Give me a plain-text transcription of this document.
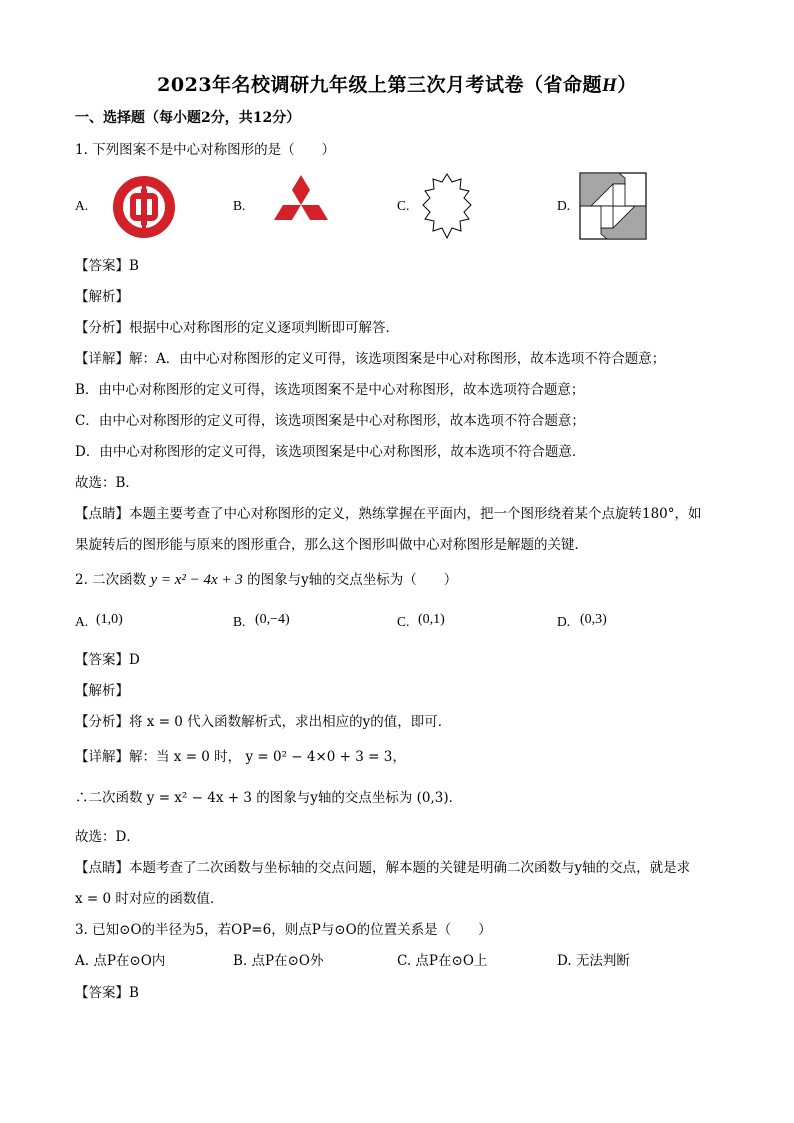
2023年名校调研九年级上第三次月考试卷（省命题H）
一、选择题（每小题2分，共12分）
1. 下列图案不是中心对称图形的是（　　）
A.	B.	C.	D.
【答案】B
【解析】
【分析】根据中心对称图形的定义逐项判断即可解答．
【详解】解：A．由中心对称图形的定义可得，该选项图案是中心对称图形，故本选项不符合题意；
B．由中心对称图形的定义可得，该选项图案不是中心对称图形，故本选项符合题意；
C．由中心对称图形的定义可得，该选项图案是中心对称图形，故本选项不符合题意；
D．由中心对称图形的定义可得，该选项图案是中心对称图形，故本选项不符合题意．
故选：B．
【点睛】本题主要考查了中心对称图形的定义，熟练掌握在平面内，把一个图形绕着某个点旋转180°，如
果旋转后的图形能与原来的图形重合，那么这个图形叫做中心对称图形是解题的关键．
2. 二次函数 y = x² − 4x + 3 的图象与y轴的交点坐标为（　　）
A. (1,0)	B. (0,−4)	C. (0,1)	D. (0,3)
【答案】D
【解析】
【分析】将 x = 0 代入函数解析式，求出相应的y的值，即可．
【详解】解：当 x = 0 时， y = 0² − 4×0 + 3 = 3，
∴二次函数 y = x² − 4x + 3 的图象与y轴的交点坐标为 (0,3)．
故选：D．
【点睛】本题考查了二次函数与坐标轴的交点问题，解本题的关键是明确二次函数与y轴的交点，就是求
x = 0 时对应的函数值．
3. 已知⊙O的半径为5，若OP=6，则点P与⊙O的位置关系是（　　）
A. 点P在⊙O内	B. 点P在⊙O外	C. 点P在⊙O上	D. 无法判断
【答案】B
